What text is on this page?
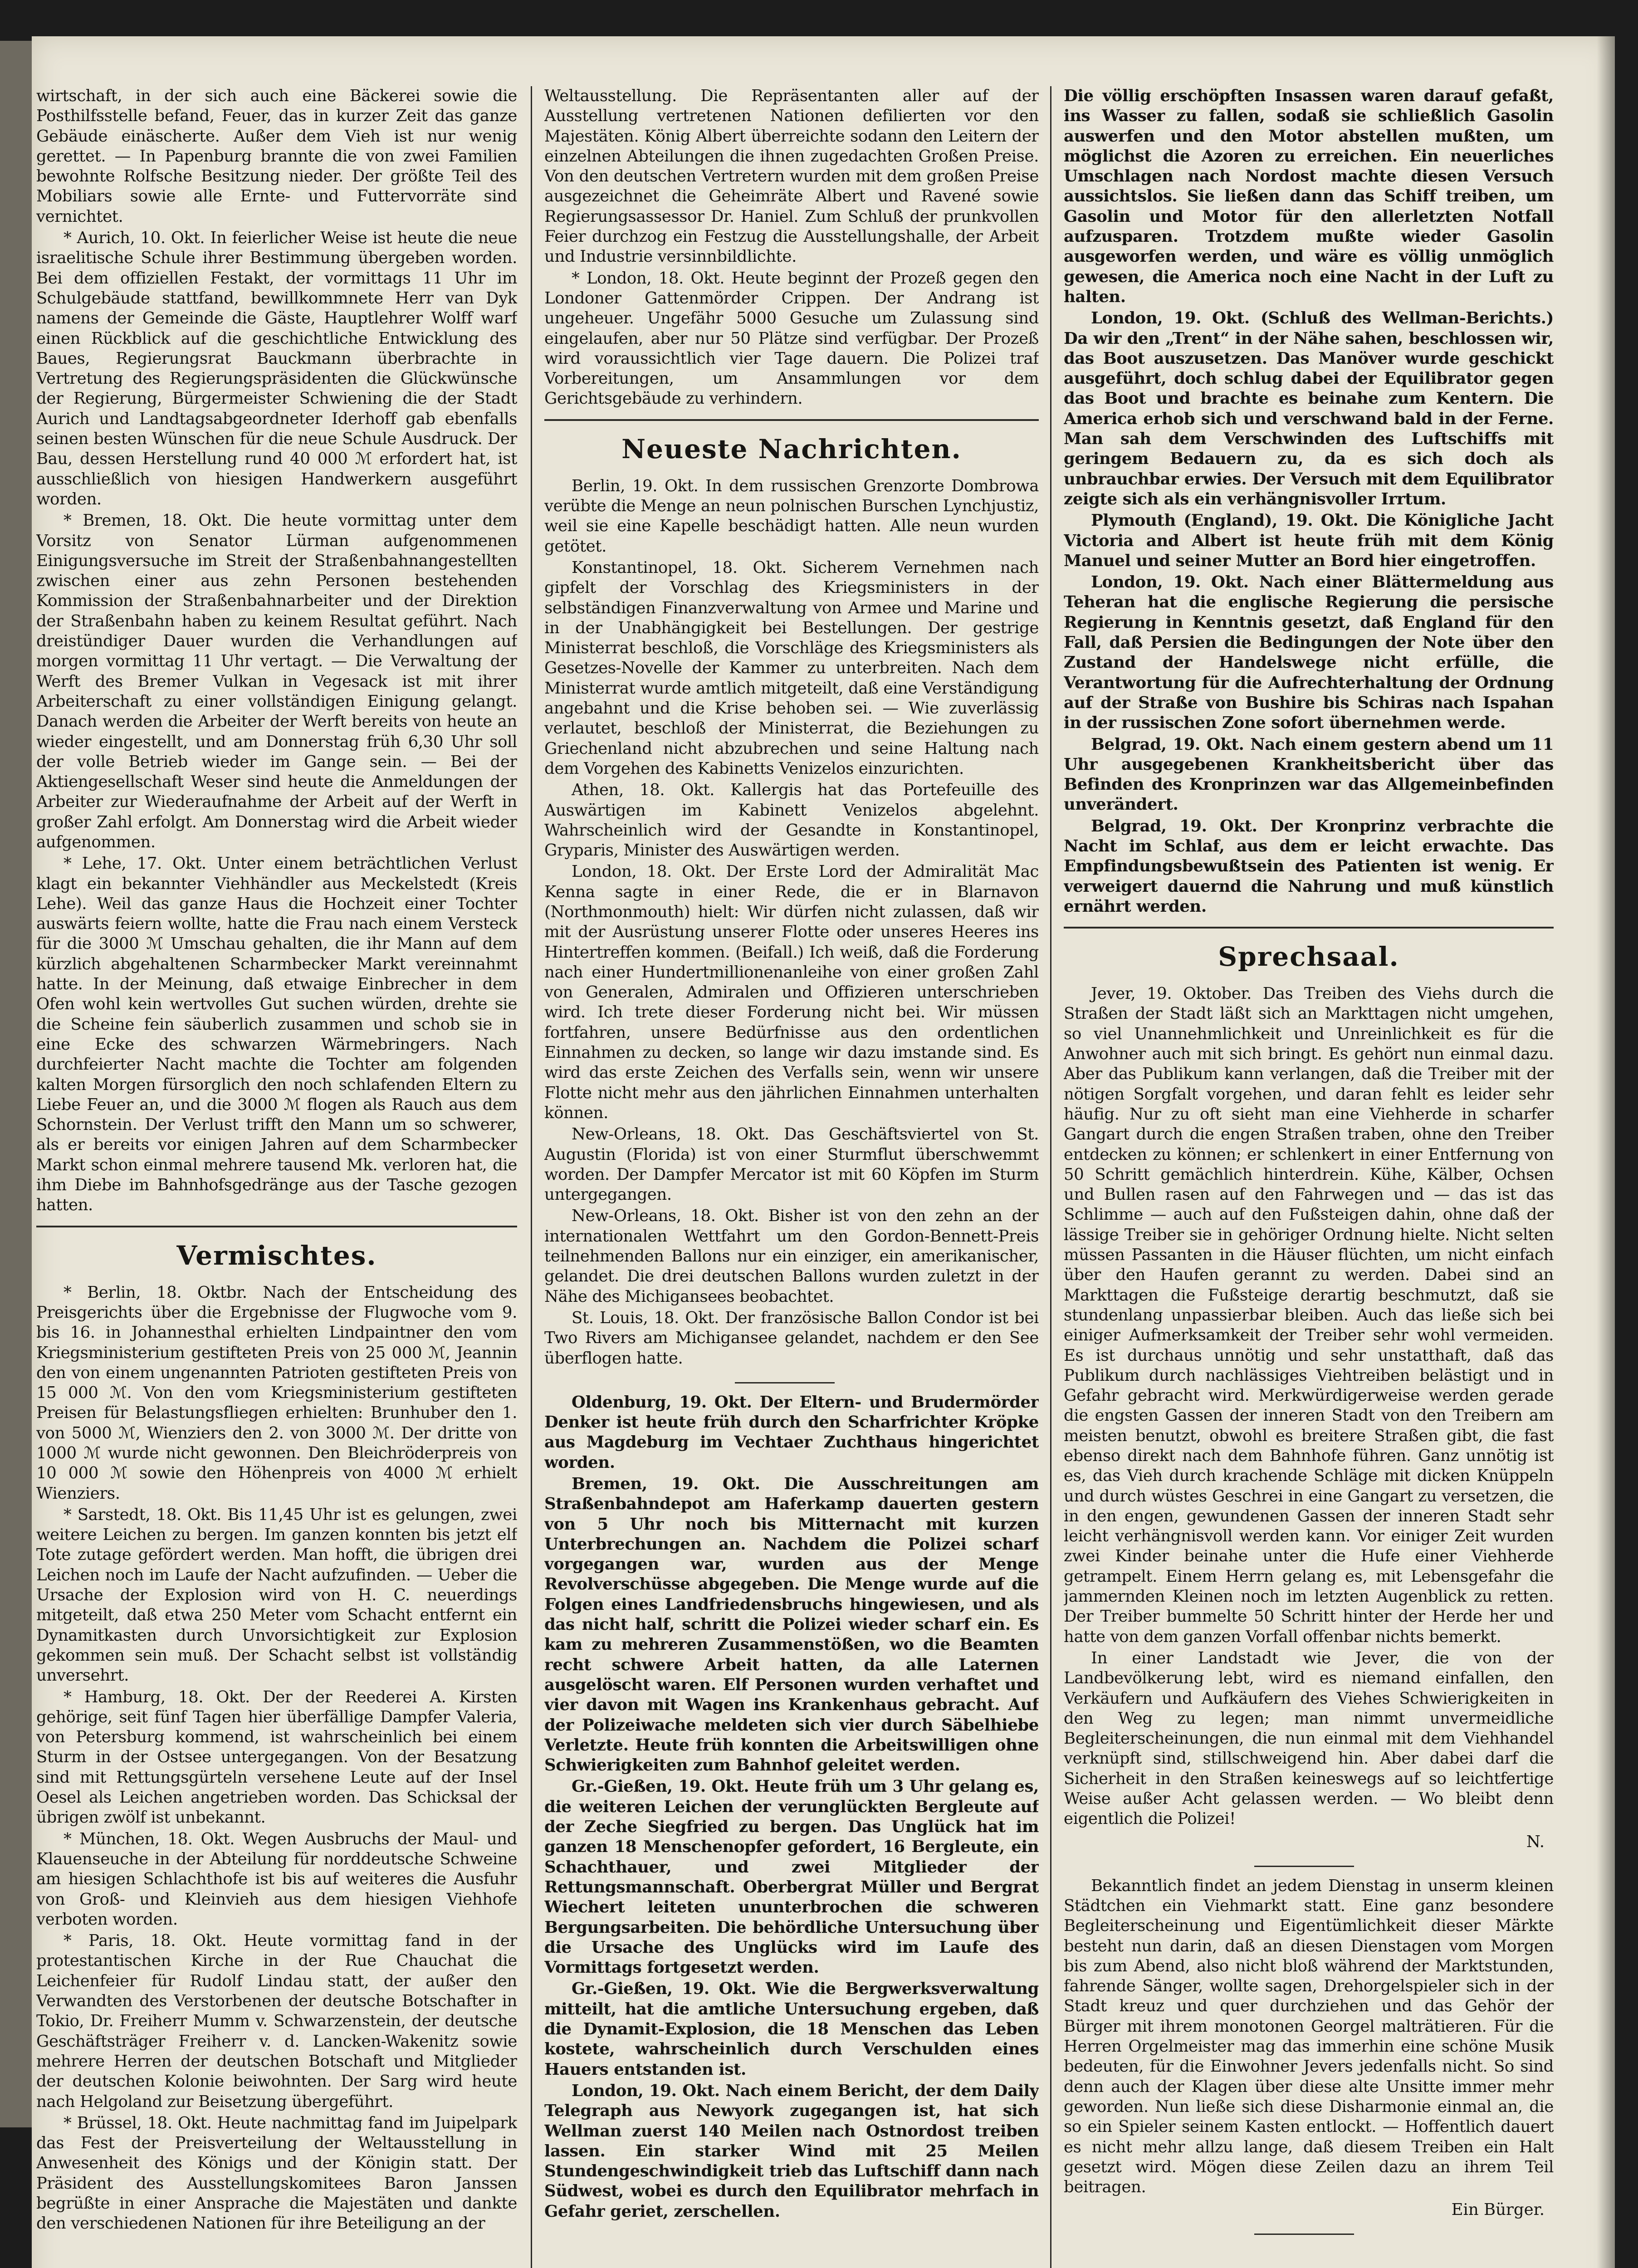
wirtschaft, in der sich auch eine Bäckerei sowie die Posthilfsstelle befand, Feuer, das in kurzer Zeit das ganze Gebäude einäscherte. Außer dem Vieh ist nur wenig gerettet. — In Papenburg brannte die von zwei Familien bewohnte Rolfsche Besitzung nieder. Der größte Teil des Mobiliars sowie alle Ernte- und Futtervorräte sind vernichtet.

* Aurich, 10. Okt. In feierlicher Weise ist heute die neue israelitische Schule ihrer Bestimmung übergeben worden. Bei dem offiziellen Festakt, der vormittags 11 Uhr im Schulgebäude stattfand, bewillkommnete Herr van Dyk namens der Gemeinde die Gäste, Hauptlehrer Wolff warf einen Rückblick auf die geschichtliche Entwicklung des Baues, Regierungsrat Bauckmann überbrachte in Vertretung des Regierungspräsidenten die Glückwünsche der Regierung, Bürgermeister Schwiening die der Stadt Aurich und Landtagsabgeordneter Iderhoff gab ebenfalls seinen besten Wünschen für die neue Schule Ausdruck. Der Bau, dessen Herstellung rund 40 000 ℳ erfordert hat, ist ausschließlich von hiesigen Handwerkern ausgeführt worden.

* Bremen, 18. Okt. Die heute vormittag unter dem Vorsitz von Senator Lürman aufgenommenen Einigungsversuche im Streit der Straßenbahnangestellten zwischen einer aus zehn Personen bestehenden Kommission der Straßenbahnarbeiter und der Direktion der Straßenbahn haben zu keinem Resultat geführt. Nach dreistündiger Dauer wurden die Verhandlungen auf morgen vormittag 11 Uhr vertagt. — Die Verwaltung der Werft des Bremer Vulkan in Vegesack ist mit ihrer Arbeiterschaft zu einer vollständigen Einigung gelangt. Danach werden die Arbeiter der Werft bereits von heute an wieder eingestellt, und am Donnerstag früh 6,30 Uhr soll der volle Betrieb wieder im Gange sein. — Bei der Aktiengesellschaft Weser sind heute die Anmeldungen der Arbeiter zur Wiederaufnahme der Arbeit auf der Werft in großer Zahl erfolgt. Am Donnerstag wird die Arbeit wieder aufgenommen.

* Lehe, 17. Okt. Unter einem beträchtlichen Verlust klagt ein bekannter Viehhändler aus Meckelstedt (Kreis Lehe). Weil das ganze Haus die Hochzeit einer Tochter auswärts feiern wollte, hatte die Frau nach einem Versteck für die 3000 ℳ Umschau gehalten, die ihr Mann auf dem kürzlich abgehaltenen Scharmbecker Markt vereinnahmt hatte. In der Meinung, daß etwaige Einbrecher in dem Ofen wohl kein wertvolles Gut suchen würden, drehte sie die Scheine fein säuberlich zusammen und schob sie in eine Ecke des schwarzen Wärmebringers. Nach durchfeierter Nacht machte die Tochter am folgenden kalten Morgen fürsorglich den noch schlafenden Eltern zu Liebe Feuer an, und die 3000 ℳ flogen als Rauch aus dem Schornstein. Der Verlust trifft den Mann um so schwerer, als er bereits vor einigen Jahren auf dem Scharmbecker Markt schon einmal mehrere tausend Mk. verloren hat, die ihm Diebe im Bahnhofsgedränge aus der Tasche gezogen hatten.

Vermischtes.

* Berlin, 18. Oktbr. Nach der Entscheidung des Preisgerichts über die Ergebnisse der Flugwoche vom 9. bis 16. in Johannesthal erhielten Lindpaintner den vom Kriegsministerium gestifteten Preis von 25 000 ℳ, Jeannin den von einem ungenannten Patrioten gestifteten Preis von 15 000 ℳ. Von den vom Kriegsministerium gestifteten Preisen für Belastungsfliegen erhielten: Brunhuber den 1. von 5000 ℳ, Wienziers den 2. von 3000 ℳ. Der dritte von 1000 ℳ wurde nicht gewonnen. Den Bleichröderpreis von 10 000 ℳ sowie den Höhenpreis von 4000 ℳ erhielt Wienziers.

* Sarstedt, 18. Okt. Bis 11,45 Uhr ist es gelungen, zwei weitere Leichen zu bergen. Im ganzen konnten bis jetzt elf Tote zutage gefördert werden. Man hofft, die übrigen drei Leichen noch im Laufe der Nacht aufzufinden. — Ueber die Ursache der Explosion wird von H. C. neuerdings mitgeteilt, daß etwa 250 Meter vom Schacht entfernt ein Dynamitkasten durch Unvorsichtigkeit zur Explosion gekommen sein muß. Der Schacht selbst ist vollständig unversehrt.

* Hamburg, 18. Okt. Der der Reederei A. Kirsten gehörige, seit fünf Tagen hier überfällige Dampfer Valeria, von Petersburg kommend, ist wahrscheinlich bei einem Sturm in der Ostsee untergegangen. Von der Besatzung sind mit Rettungsgürteln versehene Leute auf der Insel Oesel als Leichen angetrieben worden. Das Schicksal der übrigen zwölf ist unbekannt.

* München, 18. Okt. Wegen Ausbruchs der Maul- und Klauenseuche in der Abteilung für norddeutsche Schweine am hiesigen Schlachthofe ist bis auf weiteres die Ausfuhr von Groß- und Kleinvieh aus dem hiesigen Viehhofe verboten worden.

* Paris, 18. Okt. Heute vormittag fand in der protestantischen Kirche in der Rue Chauchat die Leichenfeier für Rudolf Lindau statt, der außer den Verwandten des Verstorbenen der deutsche Botschafter in Tokio, Dr. Freiherr Mumm v. Schwarzenstein, der deutsche Geschäftsträger Freiherr v. d. Lancken-Wakenitz sowie mehrere Herren der deutschen Botschaft und Mitglieder der deutschen Kolonie beiwohnten. Der Sarg wird heute nach Helgoland zur Beisetzung übergeführt.

* Brüssel, 18. Okt. Heute nachmittag fand im Juipelpark das Fest der Preisverteilung der Weltausstellung in Anwesenheit des Königs und der Königin statt. Der Präsident des Ausstellungskomitees Baron Janssen begrüßte in einer Ansprache die Majestäten und dankte den verschiedenen Nationen für ihre Beteiligung an der

Weltausstellung. Die Repräsentanten aller auf der Ausstellung vertretenen Nationen defilierten vor den Majestäten. König Albert überreichte sodann den Leitern der einzelnen Abteilungen die ihnen zugedachten Großen Preise. Von den deutschen Vertretern wurden mit dem großen Preise ausgezeichnet die Geheimräte Albert und Ravené sowie Regierungsassessor Dr. Haniel. Zum Schluß der prunkvollen Feier durchzog ein Festzug die Ausstellungshalle, der Arbeit und Industrie versinnbildlichte.

* London, 18. Okt. Heute beginnt der Prozeß gegen den Londoner Gattenmörder Crippen. Der Andrang ist ungeheuer. Ungefähr 5000 Gesuche um Zulassung sind eingelaufen, aber nur 50 Plätze sind verfügbar. Der Prozeß wird voraussichtlich vier Tage dauern. Die Polizei traf Vorbereitungen, um Ansammlungen vor dem Gerichtsgebäude zu verhindern.

Neueste Nachrichten.

Berlin, 19. Okt. In dem russischen Grenzorte Dombrowa verübte die Menge an neun polnischen Burschen Lynchjustiz, weil sie eine Kapelle beschädigt hatten. Alle neun wurden getötet.

Konstantinopel, 18. Okt. Sicherem Vernehmen nach gipfelt der Vorschlag des Kriegsministers in der selbständigen Finanzverwaltung von Armee und Marine und in der Unabhängigkeit bei Bestellungen. Der gestrige Ministerrat beschloß, die Vorschläge des Kriegsministers als Gesetzes-Novelle der Kammer zu unterbreiten. Nach dem Ministerrat wurde amtlich mitgeteilt, daß eine Verständigung angebahnt und die Krise behoben sei. — Wie zuverlässig verlautet, beschloß der Ministerrat, die Beziehungen zu Griechenland nicht abzubrechen und seine Haltung nach dem Vorgehen des Kabinetts Venizelos einzurichten.

Athen, 18. Okt. Kallergis hat das Portefeuille des Auswärtigen im Kabinett Venizelos abgelehnt. Wahrscheinlich wird der Gesandte in Konstantinopel, Gryparis, Minister des Auswärtigen werden.

London, 18. Okt. Der Erste Lord der Admiralität Mac Kenna sagte in einer Rede, die er in Blarnavon (Northmonmouth) hielt: Wir dürfen nicht zulassen, daß wir mit der Ausrüstung unserer Flotte oder unseres Heeres ins Hintertreffen kommen. (Beifall.) Ich weiß, daß die Forderung nach einer Hundertmillionenanleihe von einer großen Zahl von Generalen, Admiralen und Offizieren unterschrieben wird. Ich trete dieser Forderung nicht bei. Wir müssen fortfahren, unsere Bedürfnisse aus den ordentlichen Einnahmen zu decken, so lange wir dazu imstande sind. Es wird das erste Zeichen des Verfalls sein, wenn wir unsere Flotte nicht mehr aus den jährlichen Einnahmen unterhalten können.

New-Orleans, 18. Okt. Das Geschäftsviertel von St. Augustin (Florida) ist von einer Sturmflut überschwemmt worden. Der Dampfer Mercator ist mit 60 Köpfen im Sturm untergegangen.

New-Orleans, 18. Okt. Bisher ist von den zehn an der internationalen Wettfahrt um den Gordon-Bennett-Preis teilnehmenden Ballons nur ein einziger, ein amerikanischer, gelandet. Die drei deutschen Ballons wurden zuletzt in der Nähe des Michigansees beobachtet.

St. Louis, 18. Okt. Der französische Ballon Condor ist bei Two Rivers am Michigansee gelandet, nachdem er den See überflogen hatte.

Oldenburg, 19. Okt. Der Eltern- und Brudermörder Denker ist heute früh durch den Scharfrichter Kröpke aus Magdeburg im Vechtaer Zuchthaus hingerichtet worden.

Bremen, 19. Okt. Die Ausschreitungen am Straßenbahndepot am Haferkamp dauerten gestern von 5 Uhr noch bis Mitternacht mit kurzen Unterbrechungen an. Nachdem die Polizei scharf vorgegangen war, wurden aus der Menge Revolverschüsse abgegeben. Die Menge wurde auf die Folgen eines Landfriedensbruchs hingewiesen, und als das nicht half, schritt die Polizei wieder scharf ein. Es kam zu mehreren Zusammenstößen, wo die Beamten recht schwere Arbeit hatten, da alle Laternen ausgelöscht waren. Elf Personen wurden verhaftet und vier davon mit Wagen ins Krankenhaus gebracht. Auf der Polizeiwache meldeten sich vier durch Säbelhiebe Verletzte. Heute früh konnten die Arbeitswilligen ohne Schwierigkeiten zum Bahnhof geleitet werden.

Gr.-Gießen, 19. Okt. Heute früh um 3 Uhr gelang es, die weiteren Leichen der verunglückten Bergleute auf der Zeche Siegfried zu bergen. Das Unglück hat im ganzen 18 Menschenopfer gefordert, 16 Bergleute, ein Schachthauer, und zwei Mitglieder der Rettungsmannschaft. Oberbergrat Müller und Bergrat Wiechert leiteten ununterbrochen die schweren Bergungsarbeiten. Die behördliche Untersuchung über die Ursache des Unglücks wird im Laufe des Vormittags fortgesetzt werden.

Gr.-Gießen, 19. Okt. Wie die Bergwerksverwaltung mitteilt, hat die amtliche Untersuchung ergeben, daß die Dynamit-Explosion, die 18 Menschen das Leben kostete, wahrscheinlich durch Verschulden eines Hauers entstanden ist.

London, 19. Okt. Nach einem Bericht, der dem Daily Telegraph aus Newyork zugegangen ist, hat sich Wellman zuerst 140 Meilen nach Ostnordost treiben lassen. Ein starker Wind mit 25 Meilen Stundengeschwindigkeit trieb das Luftschiff dann nach Südwest, wobei es durch den Equilibrator mehrfach in Gefahr geriet, zerschellen.

Die völlig erschöpften Insassen waren darauf gefaßt, ins Wasser zu fallen, sodaß sie schließlich Gasolin auswerfen und den Motor abstellen mußten, um möglichst die Azoren zu erreichen. Ein neuerliches Umschlagen nach Nordost machte diesen Versuch aussichtslos. Sie ließen dann das Schiff treiben, um Gasolin und Motor für den allerletzten Notfall aufzusparen. Trotzdem mußte wieder Gasolin ausgeworfen werden, und wäre es völlig unmöglich gewesen, die America noch eine Nacht in der Luft zu halten.

London, 19. Okt. (Schluß des Wellman-Berichts.) Da wir den „Trent“ in der Nähe sahen, beschlossen wir, das Boot auszusetzen. Das Manöver wurde geschickt ausgeführt, doch schlug dabei der Equilibrator gegen das Boot und brachte es beinahe zum Kentern. Die America erhob sich und verschwand bald in der Ferne. Man sah dem Verschwinden des Luftschiffs mit geringem Bedauern zu, da es sich doch als unbrauchbar erwies. Der Versuch mit dem Equilibrator zeigte sich als ein verhängnisvoller Irrtum.

Plymouth (England), 19. Okt. Die Königliche Jacht Victoria and Albert ist heute früh mit dem König Manuel und seiner Mutter an Bord hier eingetroffen.

London, 19. Okt. Nach einer Blättermeldung aus Teheran hat die englische Regierung die persische Regierung in Kenntnis gesetzt, daß England für den Fall, daß Persien die Bedingungen der Note über den Zustand der Handelswege nicht erfülle, die Verantwortung für die Aufrechterhaltung der Ordnung auf der Straße von Bushire bis Schiras nach Ispahan in der russischen Zone sofort übernehmen werde.

Belgrad, 19. Okt. Nach einem gestern abend um 11 Uhr ausgegebenen Krankheitsbericht über das Befinden des Kronprinzen war das Allgemeinbefinden unverändert.

Belgrad, 19. Okt. Der Kronprinz verbrachte die Nacht im Schlaf, aus dem er leicht erwachte. Das Empfindungsbewußtsein des Patienten ist wenig. Er verweigert dauernd die Nahrung und muß künstlich ernährt werden.

Sprechsaal.

Jever, 19. Oktober. Das Treiben des Viehs durch die Straßen der Stadt läßt sich an Markttagen nicht umgehen, so viel Unannehmlichkeit und Unreinlichkeit es für die Anwohner auch mit sich bringt. Es gehört nun einmal dazu. Aber das Publikum kann verlangen, daß die Treiber mit der nötigen Sorgfalt vorgehen, und daran fehlt es leider sehr häufig. Nur zu oft sieht man eine Viehherde in scharfer Gangart durch die engen Straßen traben, ohne den Treiber entdecken zu können; er schlenkert in einer Entfernung von 50 Schritt gemächlich hinterdrein. Kühe, Kälber, Ochsen und Bullen rasen auf den Fahrwegen und — das ist das Schlimme — auch auf den Fußsteigen dahin, ohne daß der lässige Treiber sie in gehöriger Ordnung hielte. Nicht selten müssen Passanten in die Häuser flüchten, um nicht einfach über den Haufen gerannt zu werden. Dabei sind an Markttagen die Fußsteige derartig beschmutzt, daß sie stundenlang unpassierbar bleiben. Auch das ließe sich bei einiger Aufmerksamkeit der Treiber sehr wohl vermeiden. Es ist durchaus unnötig und sehr unstatthaft, daß das Publikum durch nachlässiges Viehtreiben belästigt und in Gefahr gebracht wird. Merkwürdigerweise werden gerade die engsten Gassen der inneren Stadt von den Treibern am meisten benutzt, obwohl es breitere Straßen gibt, die fast ebenso direkt nach dem Bahnhofe führen. Ganz unnötig ist es, das Vieh durch krachende Schläge mit dicken Knüppeln und durch wüstes Geschrei in eine Gangart zu versetzen, die in den engen, gewundenen Gassen der inneren Stadt sehr leicht verhängnisvoll werden kann. Vor einiger Zeit wurden zwei Kinder beinahe unter die Hufe einer Viehherde getrampelt. Einem Herrn gelang es, mit Lebensgefahr die jammernden Kleinen noch im letzten Augenblick zu retten. Der Treiber bummelte 50 Schritt hinter der Herde her und hatte von dem ganzen Vorfall offenbar nichts bemerkt.

In einer Landstadt wie Jever, die von der Landbevölkerung lebt, wird es niemand einfallen, den Verkäufern und Aufkäufern des Viehes Schwierigkeiten in den Weg zu legen; man nimmt unvermeidliche Begleiterscheinungen, die nun einmal mit dem Viehhandel verknüpft sind, stillschweigend hin. Aber dabei darf die Sicherheit in den Straßen keineswegs auf so leichtfertige Weise außer Acht gelassen werden. — Wo bleibt denn eigentlich die Polizei!

N.

Bekanntlich findet an jedem Dienstag in unserm kleinen Städtchen ein Viehmarkt statt. Eine ganz besondere Begleiterscheinung und Eigentümlichkeit dieser Märkte besteht nun darin, daß an diesen Dienstagen vom Morgen bis zum Abend, also nicht bloß während der Marktstunden, fahrende Sänger, wollte sagen, Drehorgelspieler sich in der Stadt kreuz und quer durchziehen und das Gehör der Bürger mit ihrem monotonen Georgel malträtieren. Für die Herren Orgelmeister mag das immerhin eine schöne Musik bedeuten, für die Einwohner Jevers jedenfalls nicht. So sind denn auch der Klagen über diese alte Unsitte immer mehr geworden. Nun ließe sich diese Disharmonie einmal an, die so ein Spieler seinem Kasten entlockt. — Hoffentlich dauert es nicht mehr allzu lange, daß diesem Treiben ein Halt gesetzt wird. Mögen diese Zeilen dazu an ihrem Teil beitragen.

Ein Bürger.
